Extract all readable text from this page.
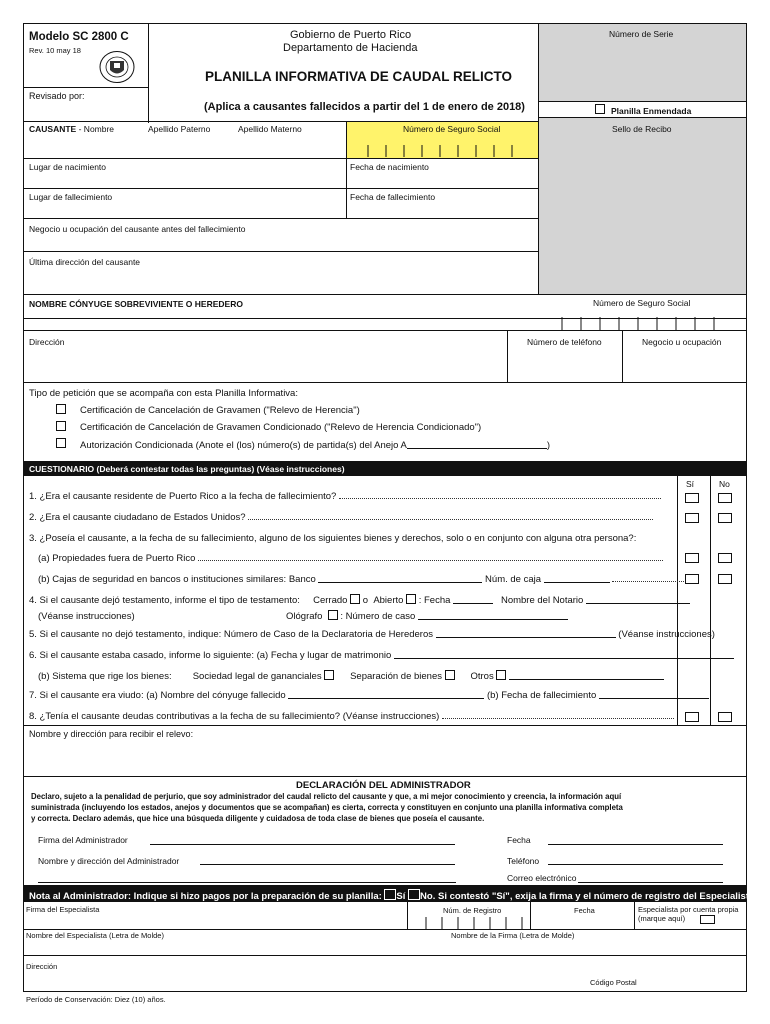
Modelo SC 2800 C
Rev. 10 may 18
Revisado por:
Gobierno de Puerto Rico
Departamento de Hacienda
PLANILLA INFORMATIVA DE CAUDAL RELICTO
(Aplica a causantes fallecidos a partir del 1 de enero de 2018)
Número de Serie
Planilla Enmendada
Sello de Recibo
CAUSANTE - Nombre	Apellido Paterno	Apellido Materno	Número de Seguro Social
Lugar de nacimiento	Fecha de nacimiento
Lugar de fallecimiento	Fecha de fallecimiento
Negocio u ocupación del causante antes del fallecimiento
Última dirección del causante
NOMBRE CÓNYUGE SOBREVIVIENTE O HEREDERO	Número de Seguro Social
Dirección	Número de teléfono	Negocio u ocupación
Tipo de petición que se acompaña con esta Planilla Informativa:
Certificación de Cancelación de Gravamen ("Relevo de Herencia")
Certificación de Cancelación de Gravamen Condicionado ("Relevo de Herencia Condicionado")
Autorización Condicionada (Anote el (los) número(s) de partida(s) del Anejo A	)
CUESTIONARIO (Deberá contestar todas las preguntas) (Véase instrucciones)
Sí	No
1. ¿Era el causante residente de Puerto Rico a la fecha de fallecimiento?
2. ¿Era el causante ciudadano de Estados Unidos?
3. ¿Poseía el causante, a la fecha de su fallecimiento, alguno de los siguientes bienes y derechos, solo o en conjunto con alguna otra persona?:
(a) Propiedades fuera de Puerto Rico
(b) Cajas de seguridad en bancos o instituciones similares: Banco	Núm. de caja
4. Si el causante dejó testamento, informe el tipo de testamento: Cerrado o Abierto : Fecha	Nombre del Notario
(Véanse instrucciones)	Ológrafo : Número de caso
5. Si el causante no dejó testamento, indique: Número de Caso de la Declaratoria de Herederos	(Véanse instrucciones)
6. Si el causante estaba casado, informe lo siguiente: (a) Fecha y lugar de matrimonio
(b) Sistema que rige los bienes: Sociedad legal de gananciales	Separación de bienes	Otros
7. Si el causante era viudo: (a) Nombre del cónyuge fallecido	(b) Fecha de fallecimiento
8. ¿Tenía el causante deudas contributivas a la fecha de su fallecimiento? (Véanse instrucciones)
Nombre y dirección para recibir el relevo:
DECLARACIÓN DEL ADMINISTRADOR
Declaro, sujeto a la penalidad de perjurio, que soy administrador del caudal relicto del causante y que, a mi mejor conocimiento y creencia, la información aquí
suministrada (incluyendo los estados, anejos y documentos que se acompañan) es cierta, correcta y constituyen en conjunto una planilla informativa completa
y correcta. Declaro además, que hice una búsqueda diligente y cuidadosa de toda clase de bienes que poseía el causante.
Firma del Administrador	Fecha
Nombre y dirección del Administrador	Teléfono
Correo electrónico
Nota al Administrador: Indique si hizo pagos por la preparación de su planilla: Sí No. Si contestó "Sí", exija la firma y el número de registro del Especialista.
Firma del Especialista	Núm. de Registro	Fecha	Especialista por cuenta propia
(marque aquí)
Nombre del Especialista (Letra de Molde)	Nombre de la Firma (Letra de Molde)
Dirección
Código Postal
Período de Conservación: Diez (10) años.
